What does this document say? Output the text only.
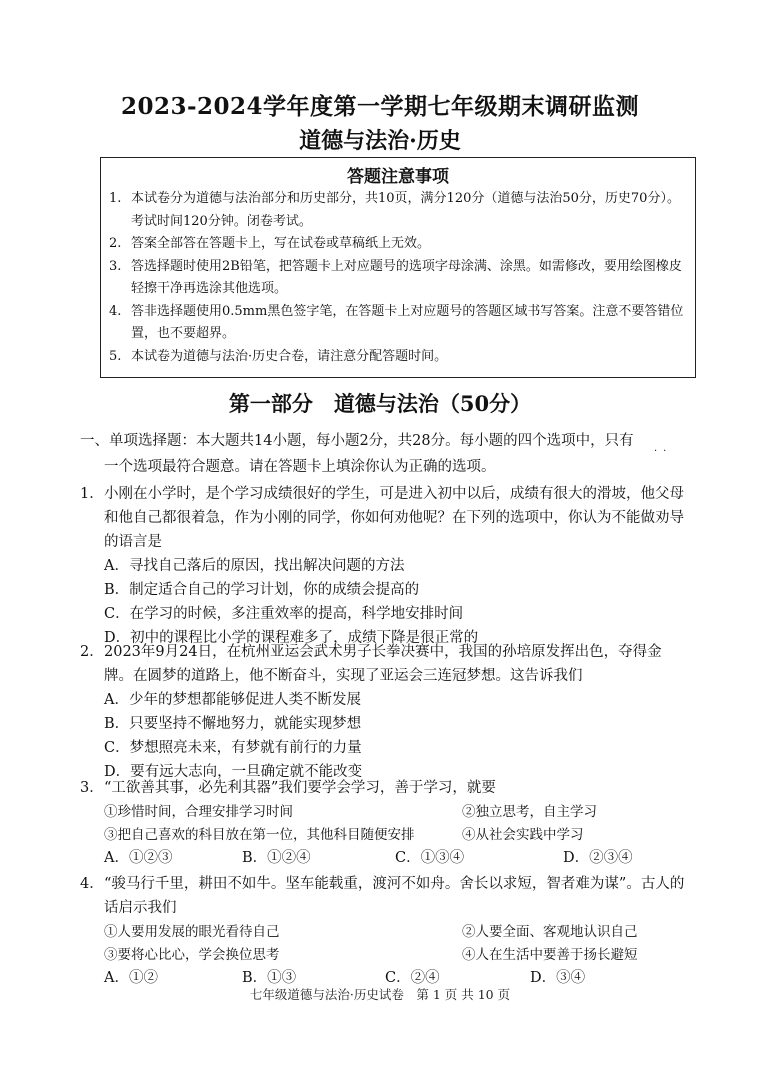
2023-2024学年度第一学期七年级期末调研监测
道德与法治·历史
答题注意事项
1. 本试卷分为道德与法治部分和历史部分，共10页，满分120分（道德与法治50分，历史70分）。考试时间120分钟。闭卷考试。
2. 答案全部答在答题卡上，写在试卷或草稿纸上无效。
3. 答选择题时使用2B铅笔，把答题卡上对应题号的选项字母涂满、涂黑。如需修改，要用绘图橡皮轻擦干净再选涂其他选项。
4. 答非选择题使用0.5mm黑色签字笔，在答题卡上对应题号的答题区域书写答案。注意不要答错位置，也不要超界。
5. 本试卷为道德与法治·历史合卷，请注意分配答题时间。
第一部分　道德与法治（50分）
一、单项选择题：本大题共14小题，每小题2分，共28分。每小题的四个选项中，只有
一个选项最符合题意。请在答题卡上填涂你认为正确的选项。
··
1． 小刚在小学时，是个学习成绩很好的学生，可是进入初中以后，成绩有很大的滑坡，他父母和他自己都很着急，作为小刚的同学，你如何劝他呢？在下列的选项中，你认为不能做劝导的语言是
A．寻找自己落后的原因，找出解决问题的方法
B．制定适合自己的学习计划，你的成绩会提高的
C．在学习的时候，多注重效率的提高，科学地安排时间
D．初中的课程比小学的课程难多了，成绩下降是很正常的
2． 2023年9月24日，在杭州亚运会武术男子长拳决赛中，我国的孙培原发挥出色，夺得金牌。在圆梦的道路上，他不断奋斗，实现了亚运会三连冠梦想。这告诉我们
A．少年的梦想都能够促进人类不断发展
B．只要坚持不懈地努力，就能实现梦想
C．梦想照亮未来，有梦就有前行的力量
D．要有远大志向，一旦确定就不能改变
3． “工欲善其事，必先利其器”我们要学会学习，善于学习，就要
①珍惜时间，合理安排学习时间	②独立思考，自主学习
③把自己喜欢的科目放在第一位，其他科目随便安排	④从社会实践中学习
A．①②③	B．①②④	C．①③④	D．②③④
4． “骏马行千里，耕田不如牛。坚车能载重，渡河不如舟。舍长以求短，智者难为谋”。古人的话启示我们
①人要用发展的眼光看待自己	②人要全面、客观地认识自己
③要将心比心，学会换位思考	④人在生活中要善于扬长避短
A．①②	B．①③	C．②④	D．③④
七年级道德与法治·历史试卷　第 1 页 共 10 页
